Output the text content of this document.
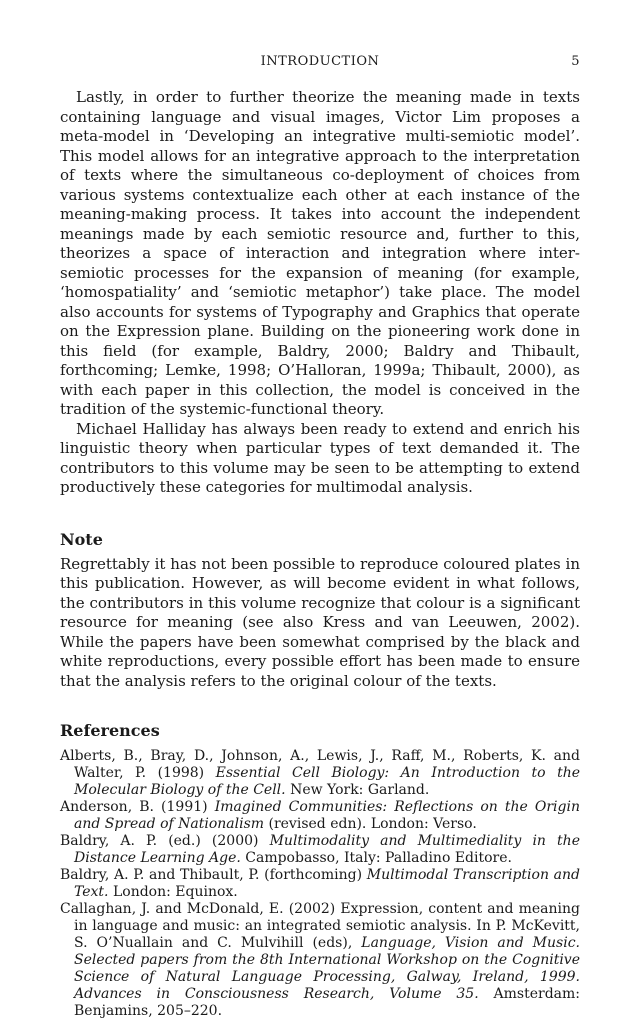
INTRODUCTION	5

Lastly, in order to further theorize the meaning made in texts containing language and visual images, Victor Lim proposes a meta-model in ‘Developing an integrative multi-semiotic model’. This model allows for an integrative approach to the interpretation of texts where the simultaneous co-deployment of choices from various systems contextualize each other at each instance of the meaning-making process. It takes into account the independent meanings made by each semiotic resource and, further to this, theorizes a space of interaction and integration where inter-semiotic processes for the expansion of meaning (for example, ‘homospatiality’ and ‘semiotic metaphor’) take place. The model also accounts for systems of Typography and Graphics that operate on the Expression plane. Building on the pioneering work done in this field (for example, Baldry, 2000; Baldry and Thibault, forthcoming; Lemke, 1998; O’Halloran, 1999a; Thibault, 2000), as with each paper in this collection, the model is conceived in the tradition of the systemic-functional theory.

Michael Halliday has always been ready to extend and enrich his linguistic theory when particular types of text demanded it. The contributors to this volume may be seen to be attempting to extend productively these categories for multimodal analysis.

Note

Regrettably it has not been possible to reproduce coloured plates in this publication. However, as will become evident in what follows, the contributors in this volume recognize that colour is a significant resource for meaning (see also Kress and van Leeuwen, 2002). While the papers have been somewhat comprised by the black and white reproductions, every possible effort has been made to ensure that the analysis refers to the original colour of the texts.

References
Alberts, B., Bray, D., Johnson, A., Lewis, J., Raff, M., Roberts, K. and Walter, P. (1998) Essential Cell Biology: An Introduction to the Molecular Biology of the Cell. New York: Garland.
Anderson, B. (1991) Imagined Communities: Reflections on the Origin and Spread of Nationalism (revised edn). London: Verso.
Baldry, A. P. (ed.) (2000) Multimodality and Multimediality in the Distance Learning Age. Campobasso, Italy: Palladino Editore.
Baldry, A. P. and Thibault, P. (forthcoming) Multimodal Transcription and Text. London: Equinox.
Callaghan, J. and McDonald, E. (2002) Expression, content and meaning in language and music: an integrated semiotic analysis. In P. McKevitt, S. O’Nuallain and C. Mulvihill (eds), Language, Vision and Music. Selected papers from the 8th International Workshop on the Cognitive Science of Natural Language Processing, Galway, Ireland, 1999. Advances in Consciousness Research, Volume 35. Amsterdam: Benjamins, 205–220.
